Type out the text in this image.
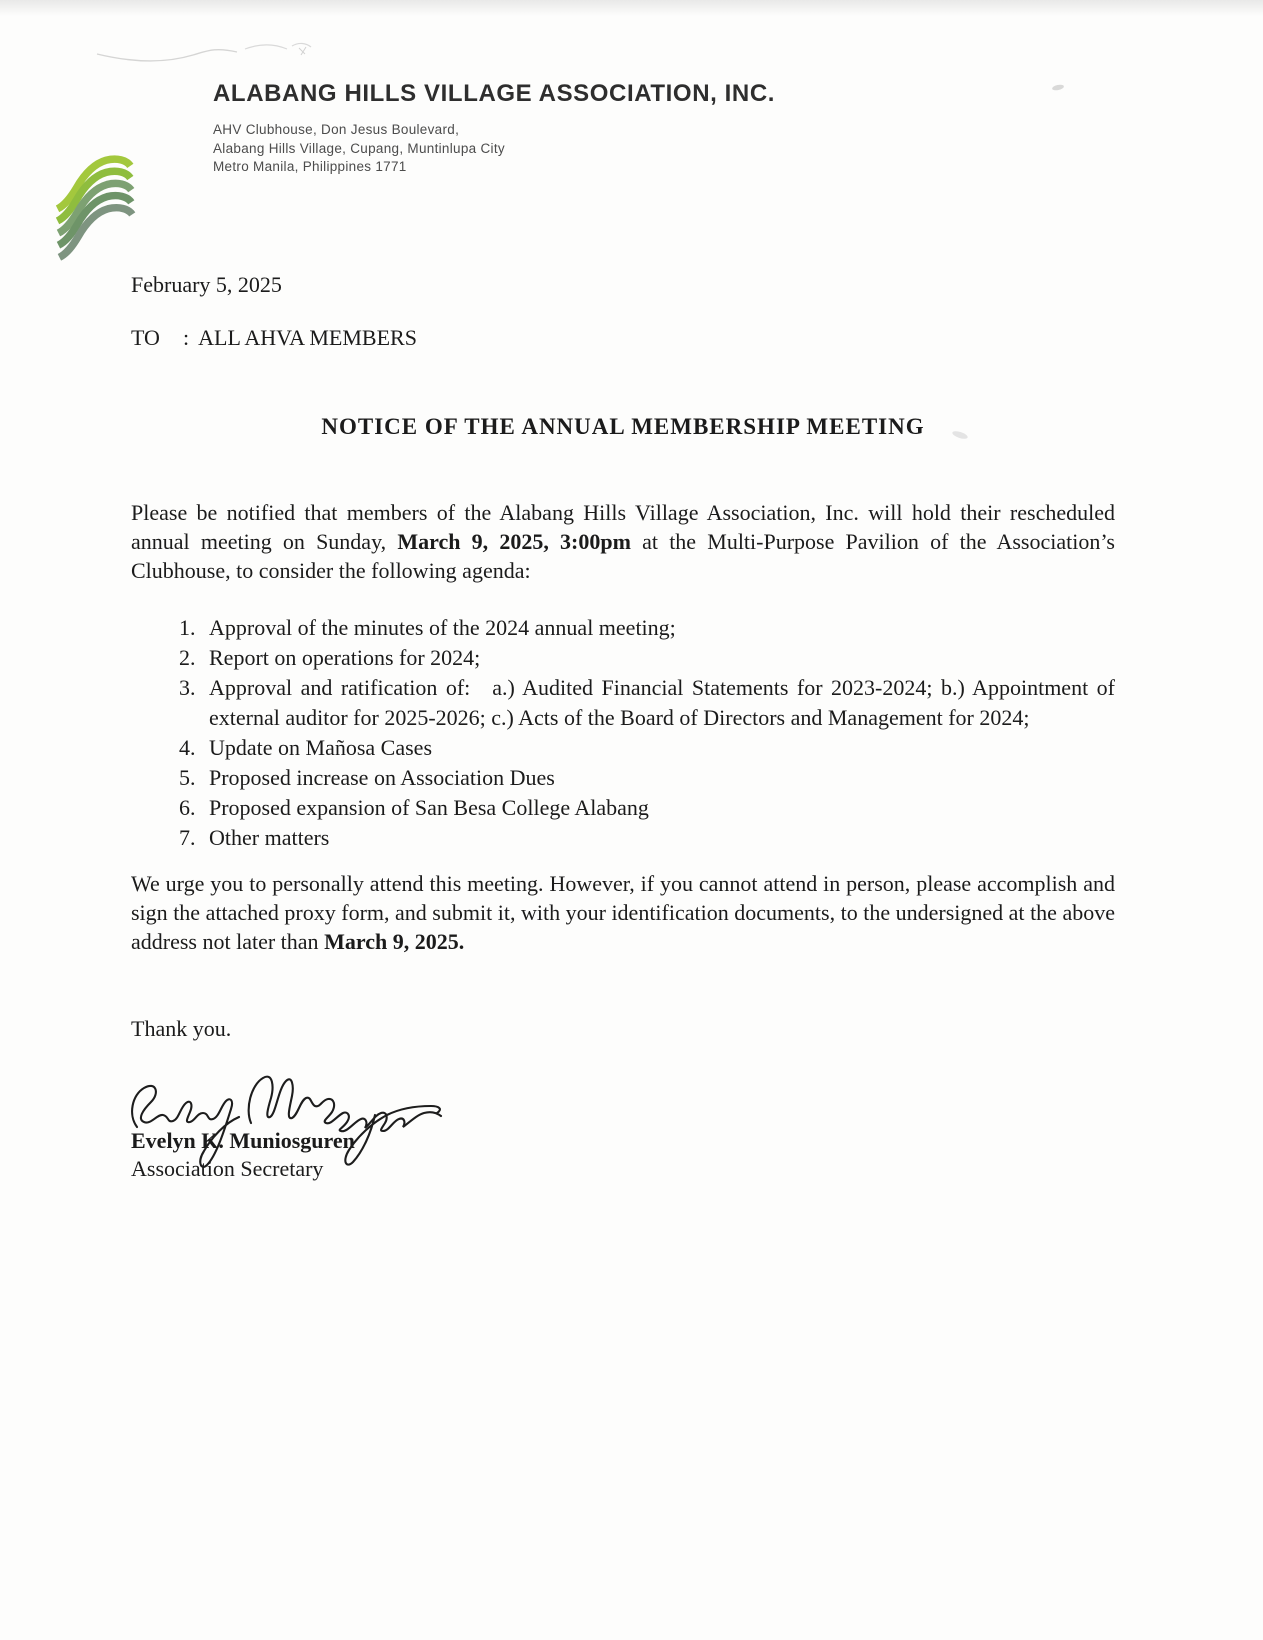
ALABANG HILLS VILLAGE ASSOCIATION, INC.
AHV Clubhouse, Don Jesus Boulevard,
Alabang Hills Village, Cupang, Muntinlupa City
Metro Manila, Philippines 1771
February 5, 2025
TO : ALL AHVA MEMBERS
NOTICE OF THE ANNUAL MEMBERSHIP MEETING

Please be notified that members of the Alabang Hills Village Association, Inc. will hold their rescheduled annual meeting on Sunday, March 9, 2025, 3:00pm at the Multi-Purpose Pavilion of the Association’s Clubhouse, to consider the following agenda:

1. Approval of the minutes of the 2024 annual meeting;
2. Report on operations for 2024;
3. Approval and ratification of: a.) Audited Financial Statements for 2023-2024; b.) Appointment of external auditor for 2025-2026; c.) Acts of the Board of Directors and Management for 2024;
4. Update on Mañosa Cases
5. Proposed increase on Association Dues
6. Proposed expansion of San Besa College Alabang
7. Other matters

We urge you to personally attend this meeting. However, if you cannot attend in person, please accomplish and sign the attached proxy form, and submit it, with your identification documents, to the undersigned at the above address not later than March 9, 2025.

Thank you.
Evelyn K. Muniosguren
Association Secretary
